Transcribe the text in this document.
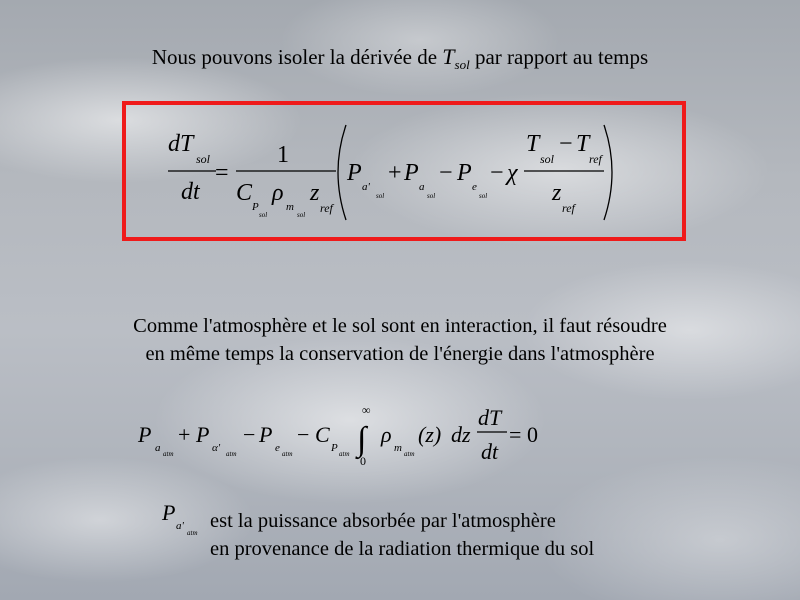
Nous pouvons isoler la dérivée de $T_{sol}$ par rapport au temps
dT
sol
dt
=
1
C
P
sol
ρ
m
sol
z
ref
P
a'
sol
+ P
a
sol
− P
e
sol
− χ
T
sol
− T
ref
z
ref
P
a atm
+ P
α' atm
− P
e atm
− C
P atm
∞
∫
0
ρ
m atm
(z) dz
dT
dt
= 0
P
a'
atm
Comme l'atmosphère et le sol sont en interaction, il faut résoudre
en même temps la conservation de l'énergie dans l'atmosphère
est la puissance absorbée par l'atmosphère
en provenance de la radiation thermique du sol
